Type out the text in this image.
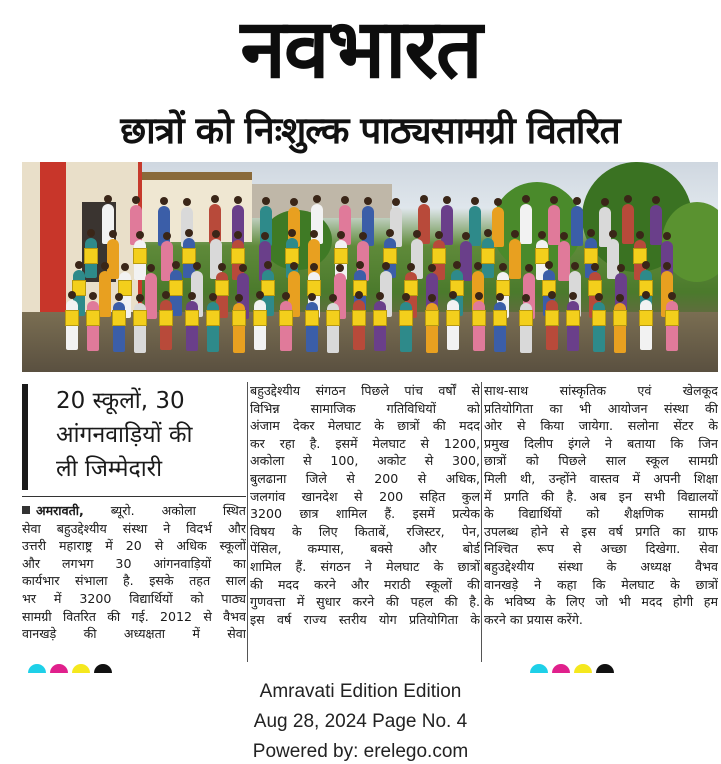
नवभारत
छात्रों को निःशुल्क पाठ्यसामग्री वितरित
20 स्कूलों, 30
आंगनवाड़ियों की
ली जिम्मेदारी
अमरावती, ब्यूरो. अकोला स्थित
सेवा बहुउद्देश्यीय संस्था ने विदर्भ और
उत्तरी महाराष्ट्र में 20 से अधिक स्कूलों
और लगभग 30 आंगनवाड़ियों का
कार्यभार संभाला है. इसके तहत साल
भर में 3200 विद्यार्थियों को पाठ्य
सामग्री वितरित की गई. 2012 से वैभव
वानखड़े की अध्यक्षता में सेवा
बहुउद्देश्यीय संगठन पिछले पांच वर्षों से
विभिन्न सामाजिक गतिविधियों को
अंजाम देकर मेलघाट के छात्रों की मदद
कर रहा है. इसमें मेलघाट से 1200,
अकोला से 100, अकोट से 300,
बुलढाना जिले से 200 से अधिक,
जलगांव खानदेश से 200 सहित कुल
3200 छात्र शामिल हैं. इसमें प्रत्येक
विषय के लिए किताबें, रजिस्टर, पेन,
पेंसिल, कम्पास, बक्से और बोर्ड
शामिल हैं. संगठन ने मेलघाट के छात्रों
की मदद करने और मराठी स्कूलों की
गुणवत्ता में सुधार करने की पहल की है.
इस वर्ष राज्य स्तरीय योग प्रतियोगिता के
साथ-साथ सांस्कृतिक एवं खेलकूद
प्रतियोगिता का भी आयोजन संस्था की
ओर से किया जायेगा. सलोना सेंटर के
प्रमुख दिलीप इंगले ने बताया कि जिन
छात्रों को पिछले साल स्कूल सामग्री
मिली थी, उन्होंने वास्तव में अपनी शिक्षा
में प्रगति की है. अब इन सभी विद्यालयों
के विद्यार्थियों को शैक्षणिक सामग्री
उपलब्ध होने से इस वर्ष प्रगति का ग्राफ
निश्चित रूप से अच्छा दिखेगा. सेवा
बहुउद्देश्यीय संस्था के अध्यक्ष वैभव
वानखड़े ने कहा कि मेलघाट के छात्रों
के भविष्य के लिए जो भी मदद होगी हम
करने का प्रयास करेंगे.
Amravati Edition Edition
Aug 28, 2024 Page No. 4
Powered by: erelego.com
